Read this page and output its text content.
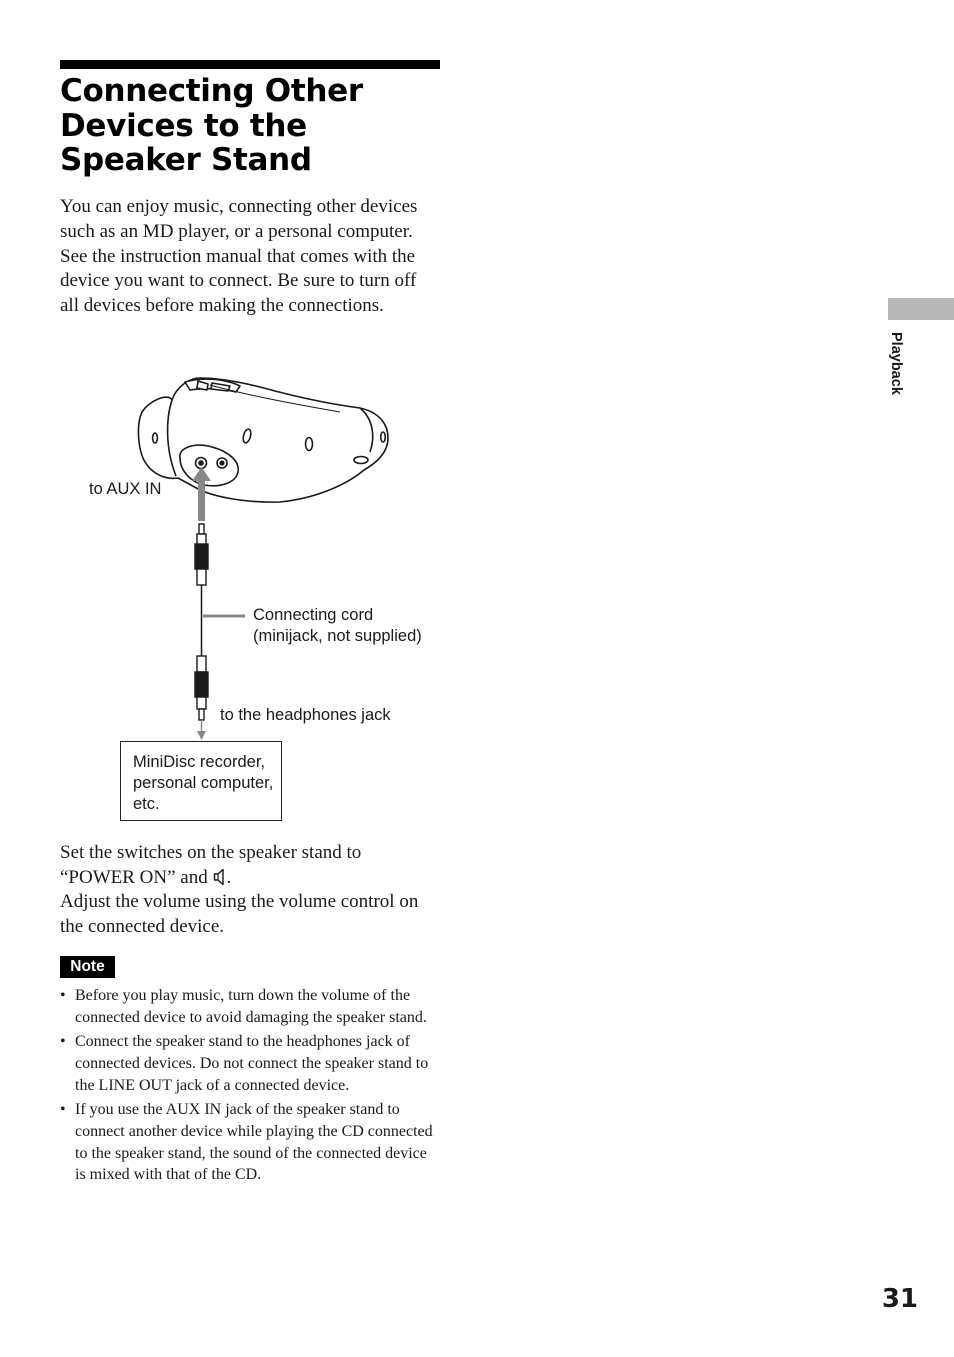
Connecting Other Devices to the Speaker Stand

You can enjoy music, connecting other devices such as an MD player, or a personal computer. See the instruction manual that comes with the device you want to connect. Be sure to turn off all devices before making the connections.

Playback
to AUX IN
Connecting cord
(minijack, not supplied)
to the headphones jack
MiniDisc recorder,
personal computer,
etc.

Set the switches on the speaker stand to “POWER ON” and .

Adjust the volume using the volume control on the connected device.

Note
• Before you play music, turn down the volume of the connected device to avoid damaging the speaker stand.
• Connect the speaker stand to the headphones jack of connected devices. Do not connect the speaker stand to the LINE OUT jack of a connected device.
• If you use the AUX IN jack of the speaker stand to connect another device while playing the CD connected to the speaker stand, the sound of the connected device is mixed with that of the CD.
31
